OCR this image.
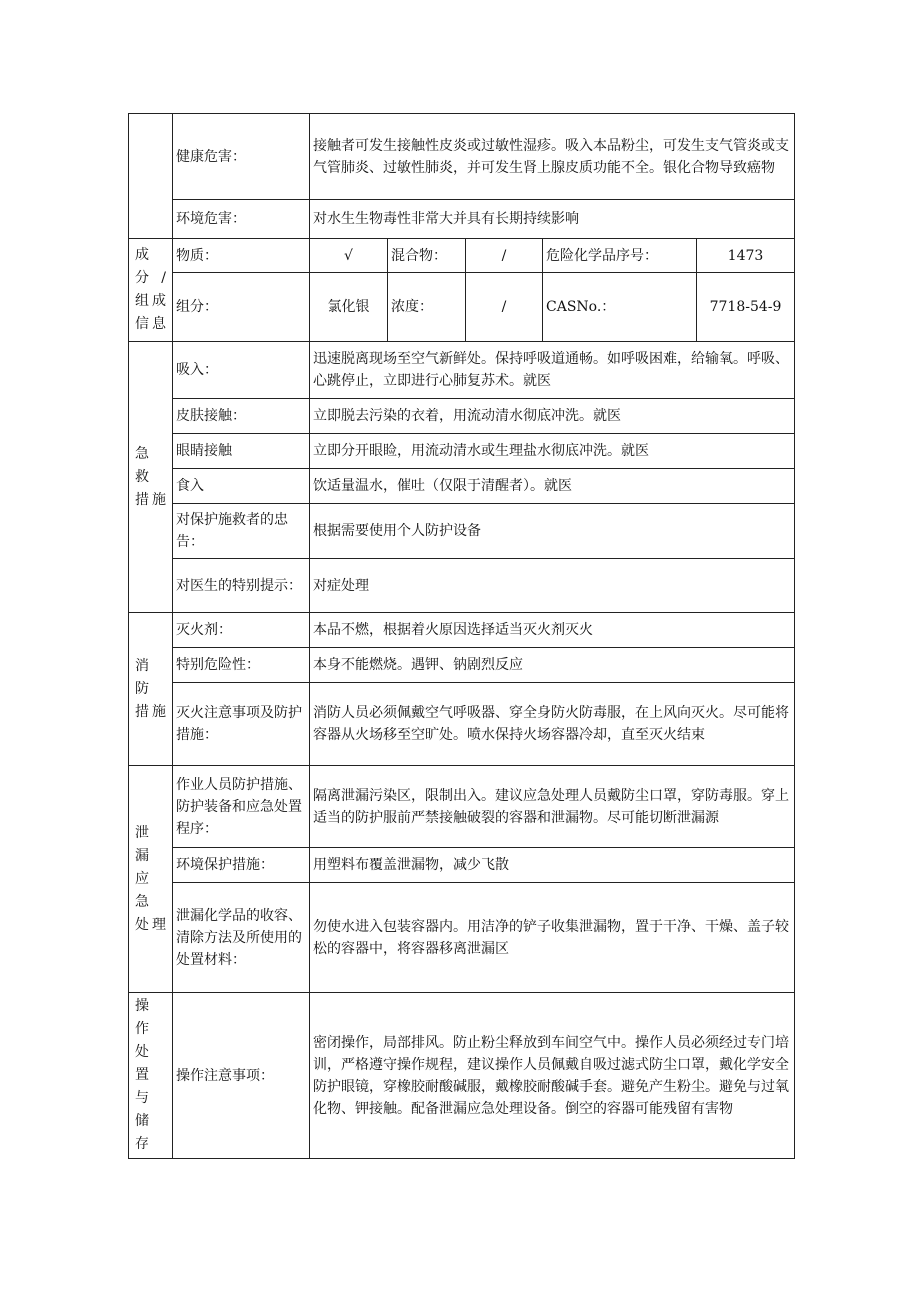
	健康危害：	接触者可发生接触性皮炎或过敏性湿疹。吸入本品粉尘，可发生支气管炎或支气管肺炎、过敏性肺炎，并可发生肾上腺皮质功能不全。银化合物导致癌物				
	环境危害：	对水生生物毒性非常大并具有长期持续影响				

成分/
组成
信息	物质：	√	混合物：	/	危险化学品序号：	1473
	组分：	氯化银	浓度：	/	CASNo.：	7718-54-9

急 救
措施	吸入：	迅速脱离现场至空气新鲜处。保持呼吸道通畅。如呼吸困难，给输氧。呼吸、心跳停止，立即进行心肺复苏术。就医				
	皮肤接触：	立即脱去污染的衣着，用流动清水彻底冲洗。就医				
	眼睛接触	立即分开眼睑，用流动清水或生理盐水彻底冲洗。就医				
	食入	饮适量温水，催吐（仅限于清醒者）。就医				
	对保护施救者的忠告：	根据需要使用个人防护设备				
	对医生的特别提示：	对症处理				

消 防
措施	灭火剂：	本品不燃，根据着火原因选择适当灭火剂灭火				
	特别危险性：	本身不能燃烧。遇钾、钠剧烈反应				
	灭火注意事项及防护措施：	消防人员必须佩戴空气呼吸器、穿全身防火防毒服，在上风向灭火。尽可能将容器从火场移至空旷处。喷水保持火场容器冷却，直至灭火结束				

泄 漏
应 急
处理	作业人员防护措施、防护装备和应急处置程序：	隔离泄漏污染区，限制出入。建议应急处理人员戴防尘口罩，穿防毒服。穿上适当的防护服前严禁接触破裂的容器和泄漏物。尽可能切断泄漏源				
	环境保护措施：	用塑料布覆盖泄漏物，减少飞散				
	泄漏化学品的收容、清除方法及所使用的处置材料：	勿使水进入包装容器内。用洁净的铲子收集泄漏物，置于干净、干燥、盖子较松的容器中，将容器移离泄漏区				

操 作
处 置
与 储
存	操作注意事项：	密闭操作，局部排风。防止粉尘释放到车间空气中。操作人员必须经过专门培训，严格遵守操作规程，建议操作人员佩戴自吸过滤式防尘口罩，戴化学安全防护眼镜，穿橡胶耐酸碱服，戴橡胶耐酸碱手套。避免产生粉尘。避免与过氧化物、钾接触。配备泄漏应急处理设备。倒空的容器可能残留有害物				
